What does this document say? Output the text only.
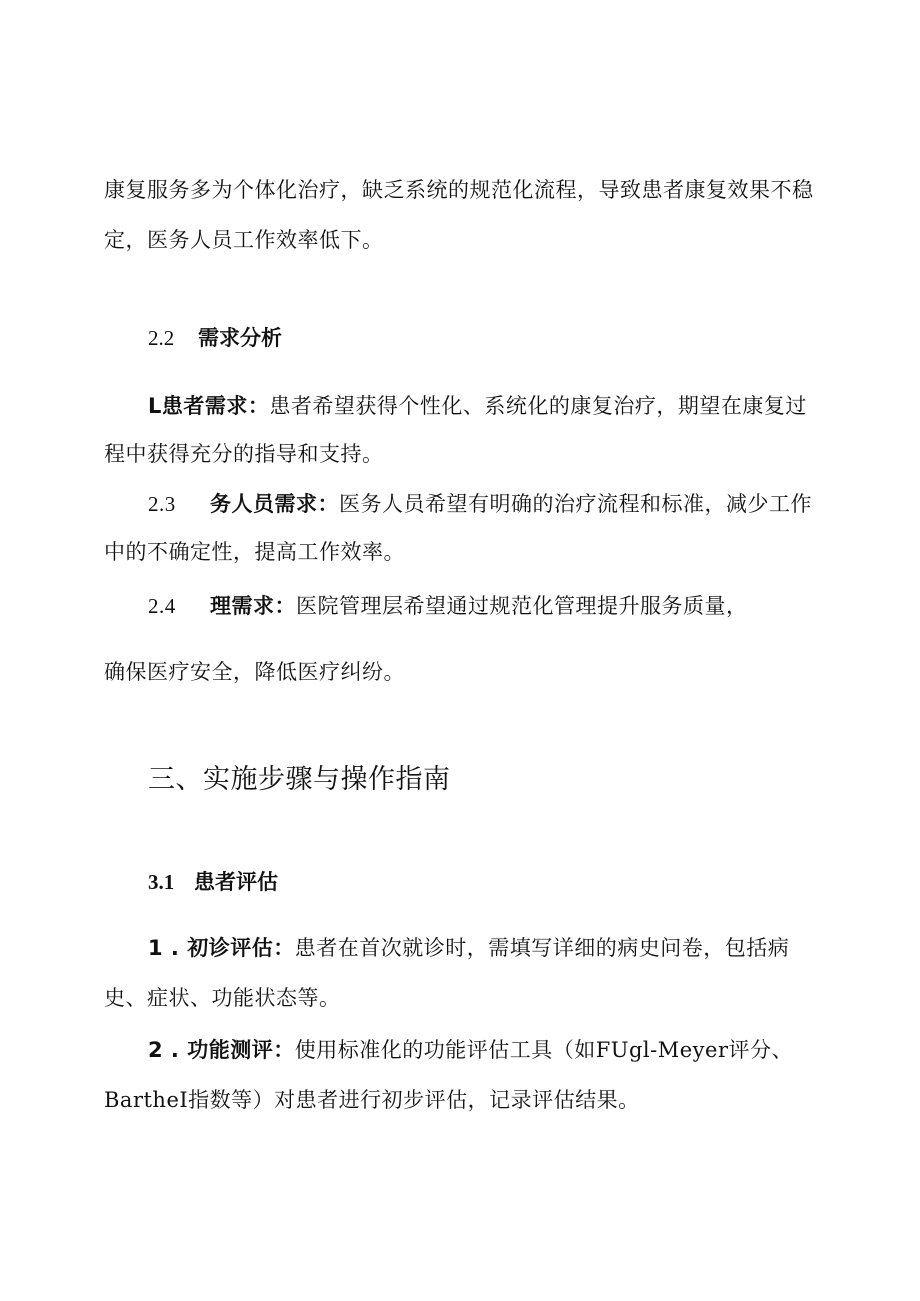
康复服务多为个体化治疗，缺乏系统的规范化流程，导致患者康复效果不稳
定，医务人员工作效率低下。
2.2 需求分析
L患者需求：患者希望获得个性化、系统化的康复治疗，期望在康复过
程中获得充分的指导和支持。
2.3 务人员需求：医务人员希望有明确的治疗流程和标准，减少工作
中的不确定性，提高工作效率。
2.4 理需求：医院管理层希望通过规范化管理提升服务质量，
确保医疗安全，降低医疗纠纷。
三、实施步骤与操作指南
3.1 患者评估
1 . 初诊评估：患者在首次就诊时，需填写详细的病史问卷，包括病
史、症状、功能状态等。
2 . 功能测评：使用标准化的功能评估工具（如FUgl-Meyer评分、
BartheI指数等）对患者进行初步评估，记录评估结果。
